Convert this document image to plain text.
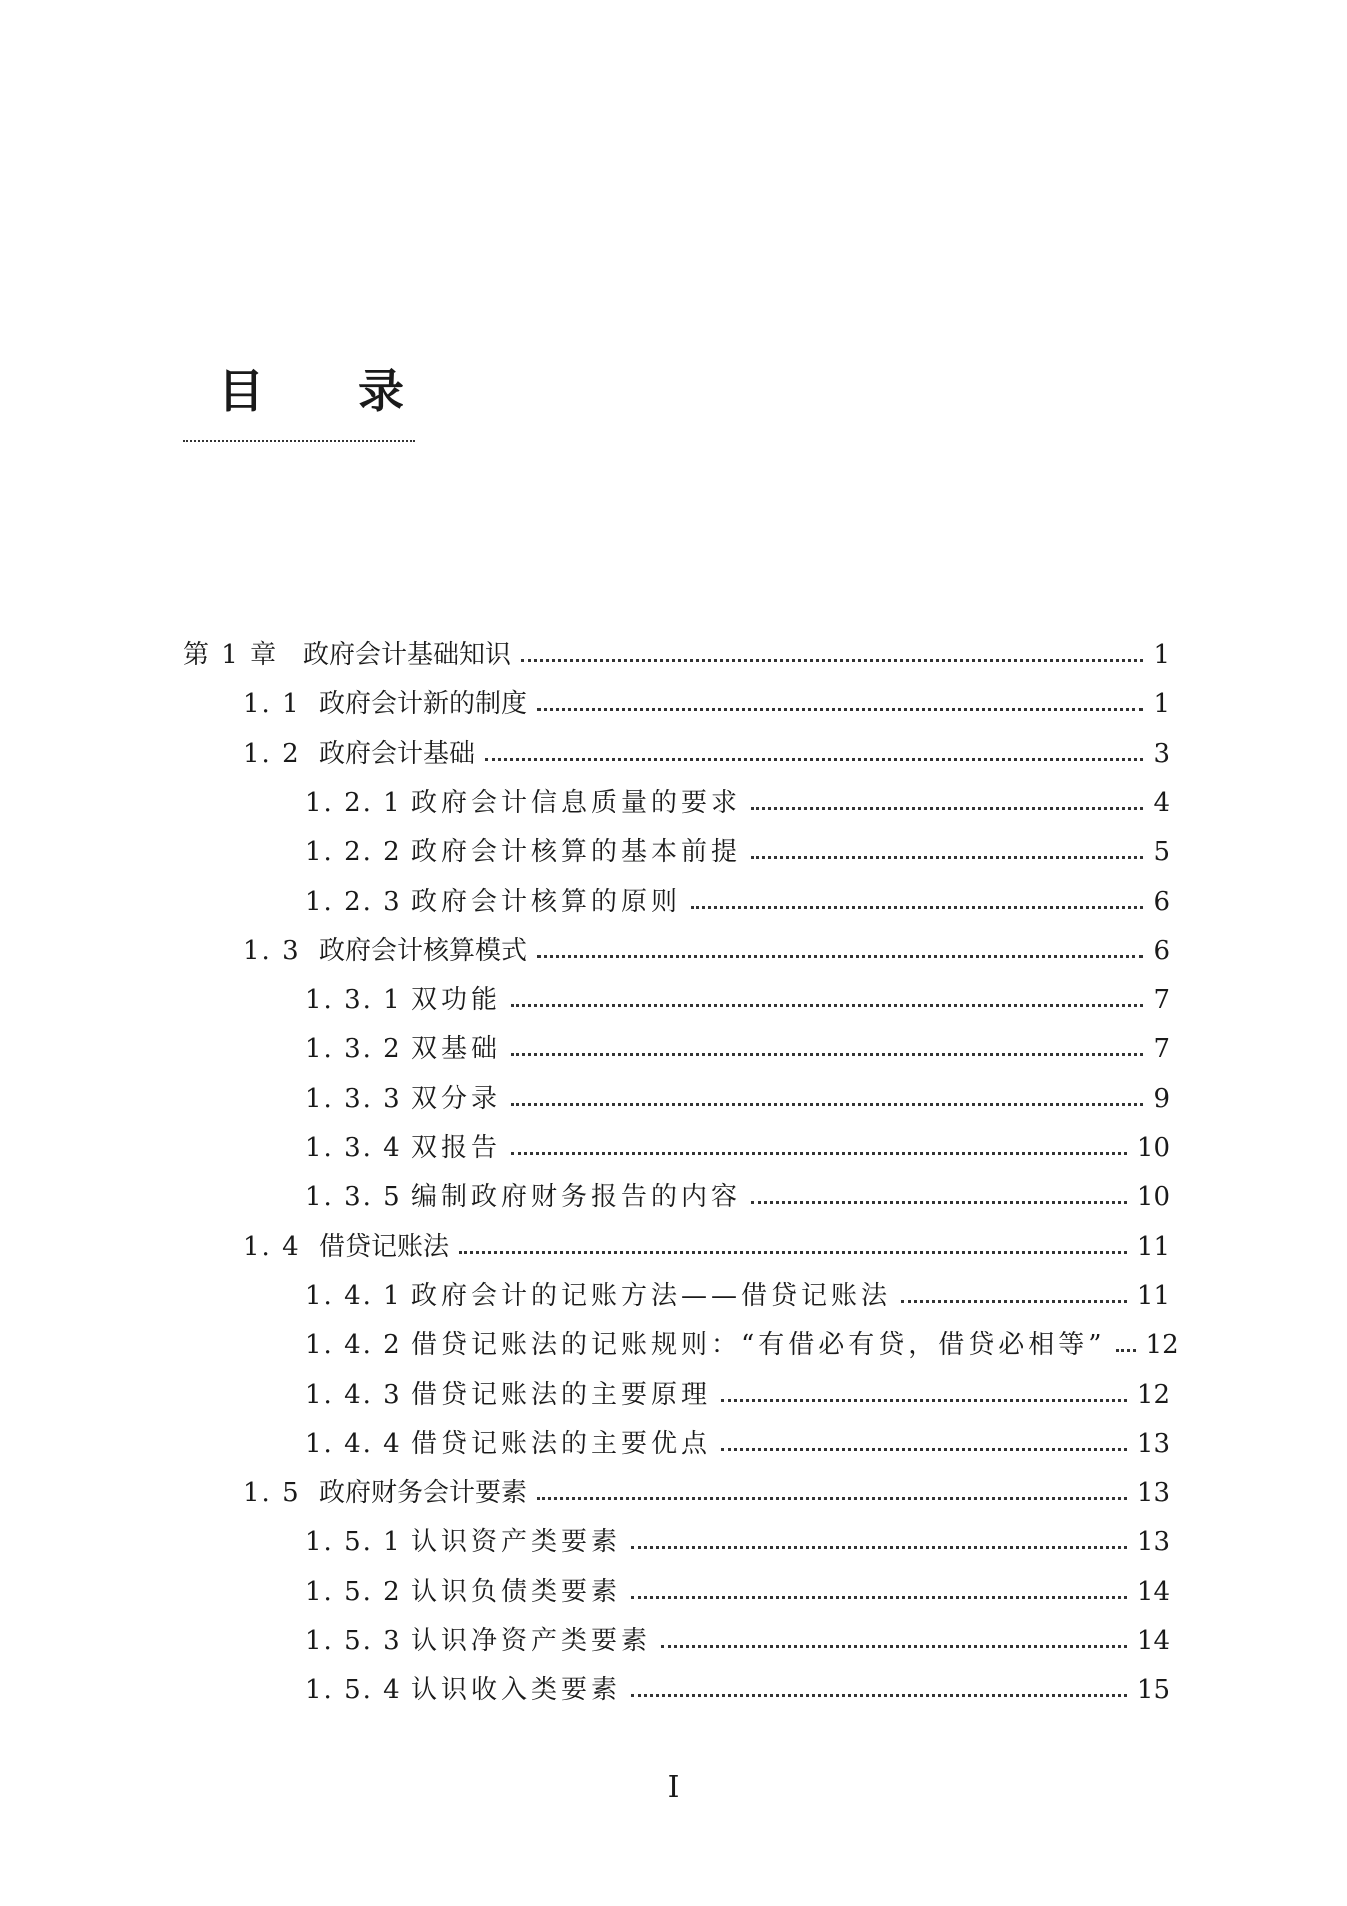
目 录
第 1 章 政府会计基础知识	1
1. 1 政府会计新的制度	1
1. 2 政府会计基础	3
1. 2. 1 政府会计信息质量的要求	4
1. 2. 2 政府会计核算的基本前提	5
1. 2. 3 政府会计核算的原则	6
1. 3 政府会计核算模式	6
1. 3. 1 双功能	7
1. 3. 2 双基础	7
1. 3. 3 双分录	9
1. 3. 4 双报告	10
1. 3. 5 编制政府财务报告的内容	10
1. 4 借贷记账法	11
1. 4. 1 政府会计的记账方法——借贷记账法	11
1. 4. 2 借贷记账法的记账规则：“有借必有贷，借贷必相等”	12
1. 4. 3 借贷记账法的主要原理	12
1. 4. 4 借贷记账法的主要优点	13
1. 5 政府财务会计要素	13
1. 5. 1 认识资产类要素	13
1. 5. 2 认识负债类要素	14
1. 5. 3 认识净资产类要素	14
1. 5. 4 认识收入类要素	15
I
